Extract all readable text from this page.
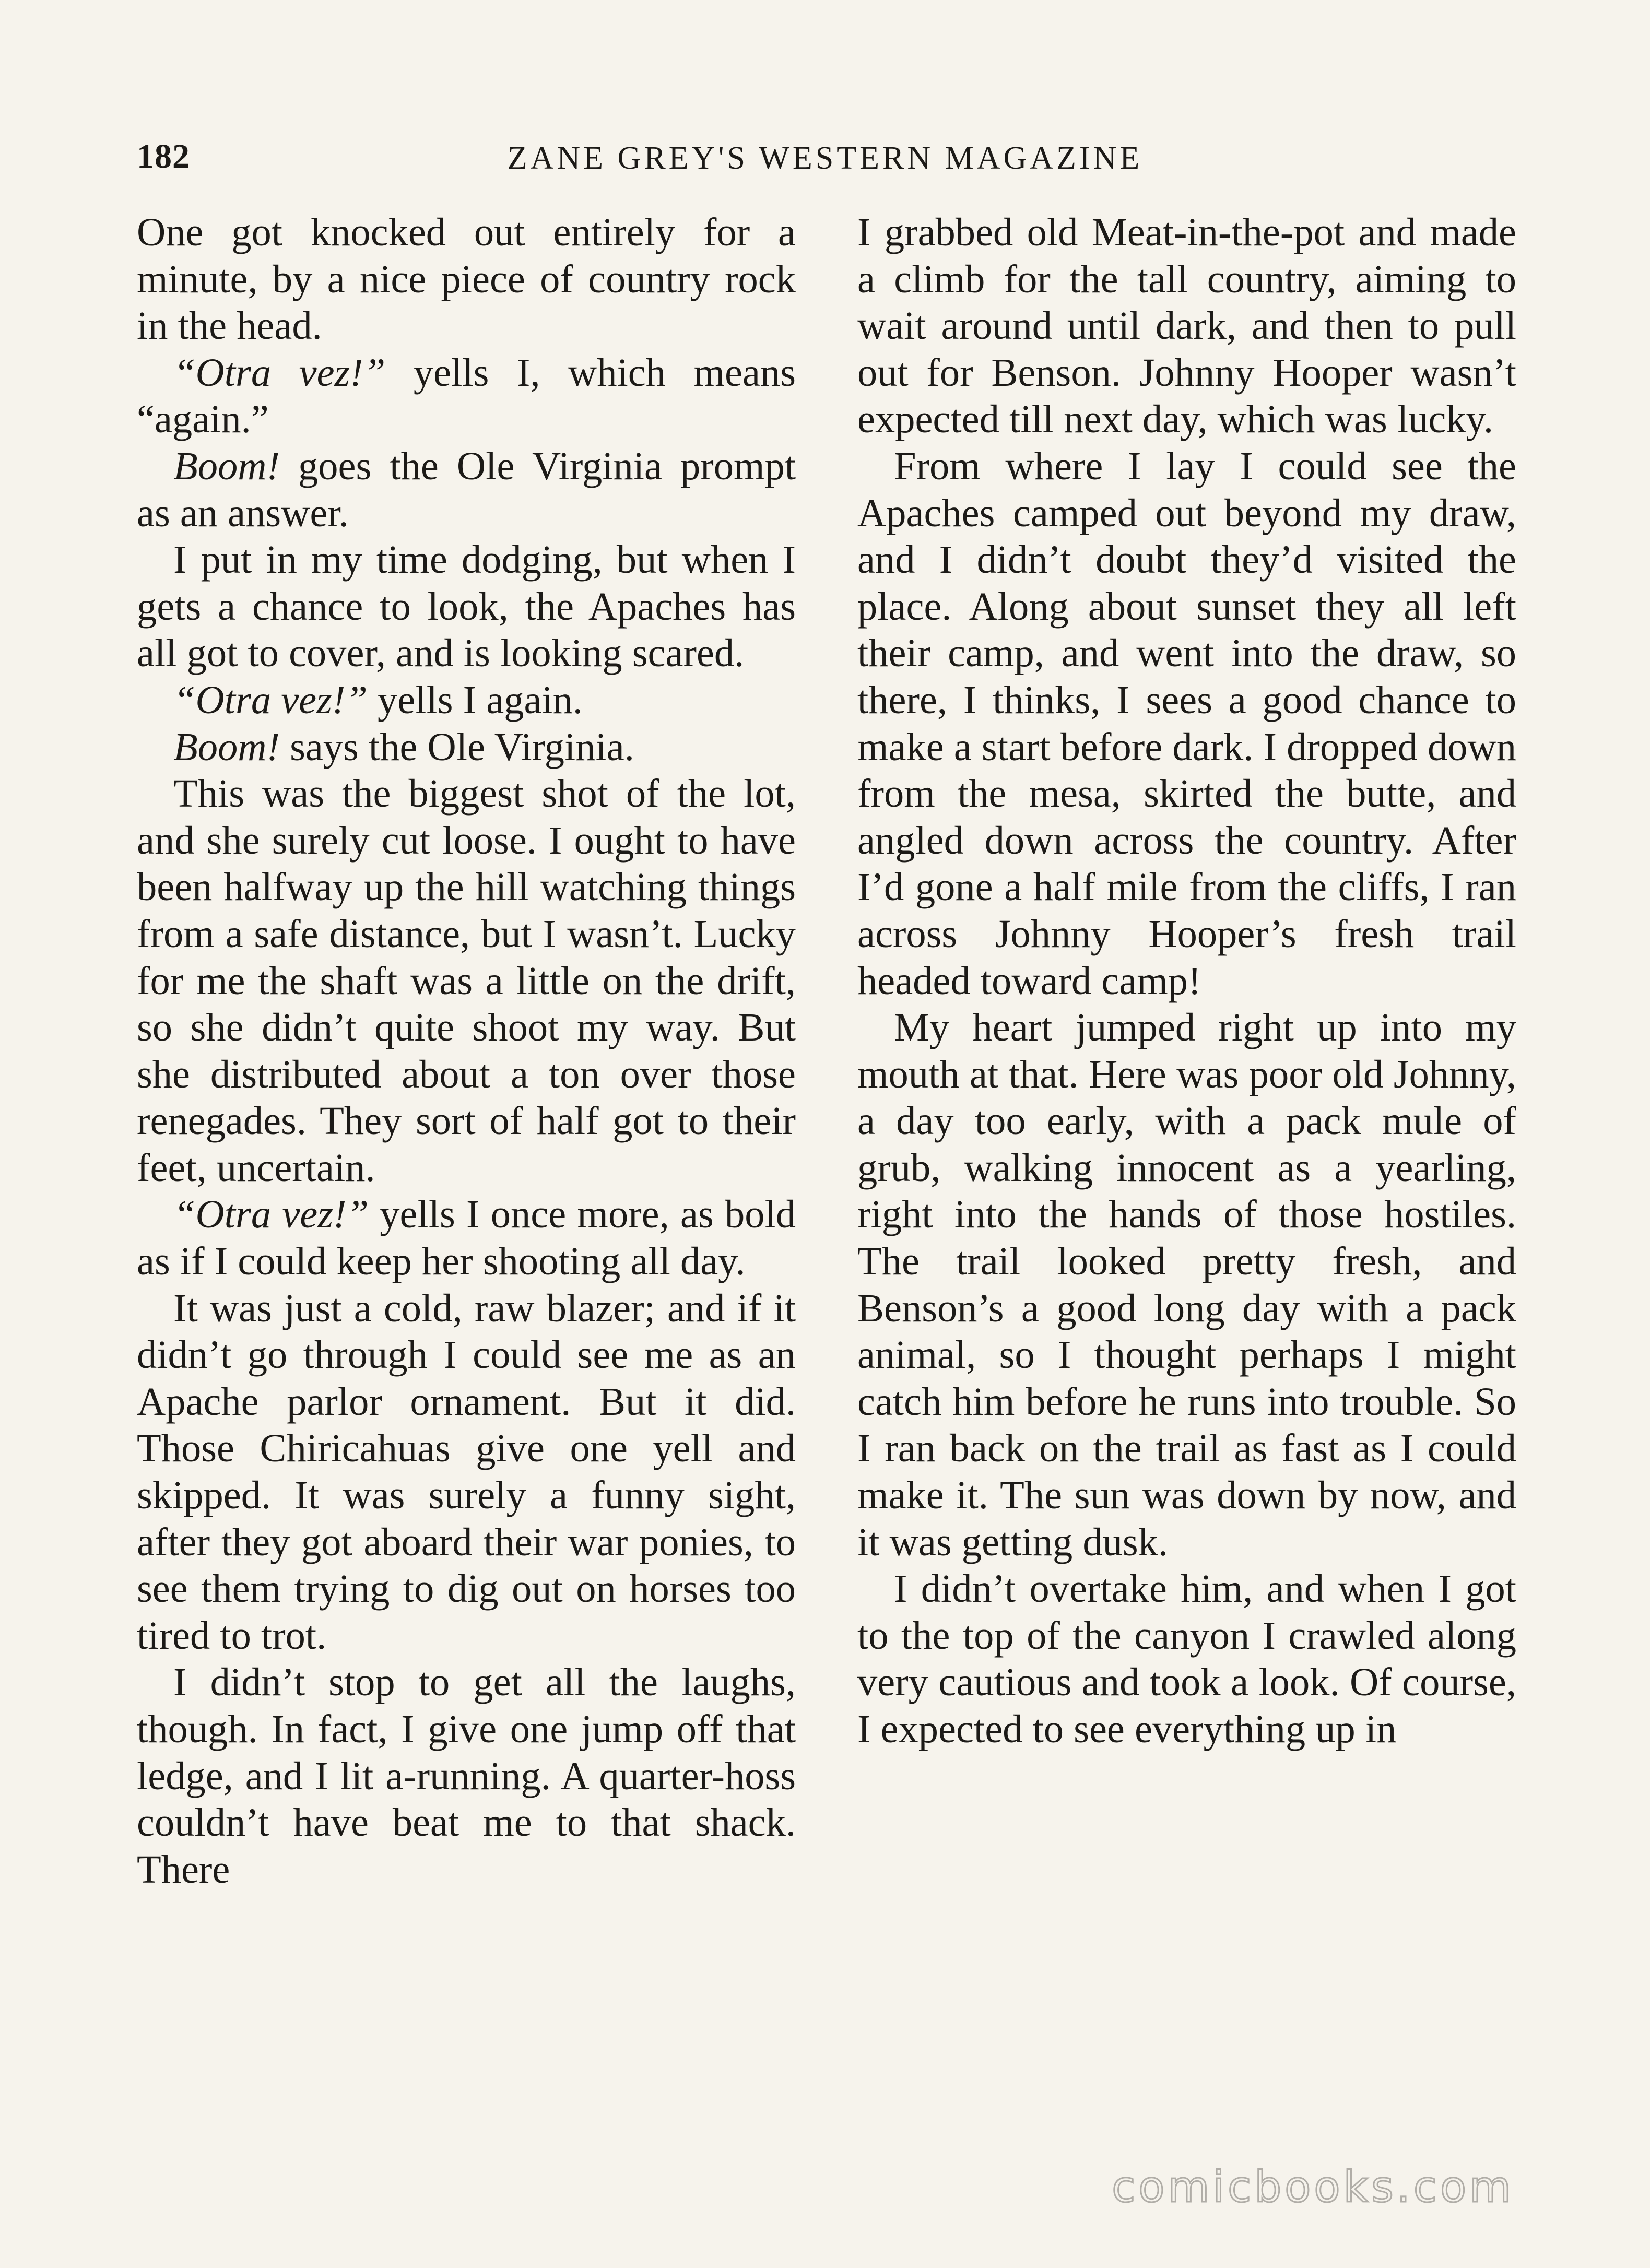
182	ZANE GREY'S WESTERN MAGAZINE

One got knocked out entirely for a minute, by a nice piece of country rock in the head.

“Otra vez!” yells I, which means “again.”

Boom! goes the Ole Virginia prompt as an answer.

I put in my time dodging, but when I gets a chance to look, the Apaches has all got to cover, and is looking scared.

“Otra vez!” yells I again.

Boom! says the Ole Virginia.

This was the biggest shot of the lot, and she surely cut loose. I ought to have been halfway up the hill watching things from a safe distance, but I wasn’t. Lucky for me the shaft was a little on the drift, so she didn’t quite shoot my way. But she distributed about a ton over those renegades. They sort of half got to their feet, uncertain.

“Otra vez!” yells I once more, as bold as if I could keep her shooting all day.

It was just a cold, raw blazer; and if it didn’t go through I could see me as an Apache parlor ornament. But it did. Those Chiricahuas give one yell and skipped. It was surely a funny sight, after they got aboard their war ponies, to see them trying to dig out on horses too tired to trot.

I didn’t stop to get all the laughs, though. In fact, I give one jump off that ledge, and I lit a-running. A quarter-hoss couldn’t have beat me to that shack. There

I grabbed old Meat-in-the-pot and made a climb for the tall country, aiming to wait around until dark, and then to pull out for Benson. Johnny Hooper wasn’t expected till next day, which was lucky.

From where I lay I could see the Apaches camped out beyond my draw, and I didn’t doubt they’d visited the place. Along about sunset they all left their camp, and went into the draw, so there, I thinks, I sees a good chance to make a start before dark. I dropped down from the mesa, skirted the butte, and angled down across the country. After I’d gone a half mile from the cliffs, I ran across Johnny Hooper’s fresh trail headed toward camp!

My heart jumped right up into my mouth at that. Here was poor old Johnny, a day too early, with a pack mule of grub, walking innocent as a yearling, right into the hands of those hostiles. The trail looked pretty fresh, and Benson’s a good long day with a pack animal, so I thought perhaps I might catch him before he runs into trouble. So I ran back on the trail as fast as I could make it. The sun was down by now, and it was getting dusk.

I didn’t overtake him, and when I got to the top of the canyon I crawled along very cautious and took a look. Of course, I expected to see everything up in

comicbooks.com
